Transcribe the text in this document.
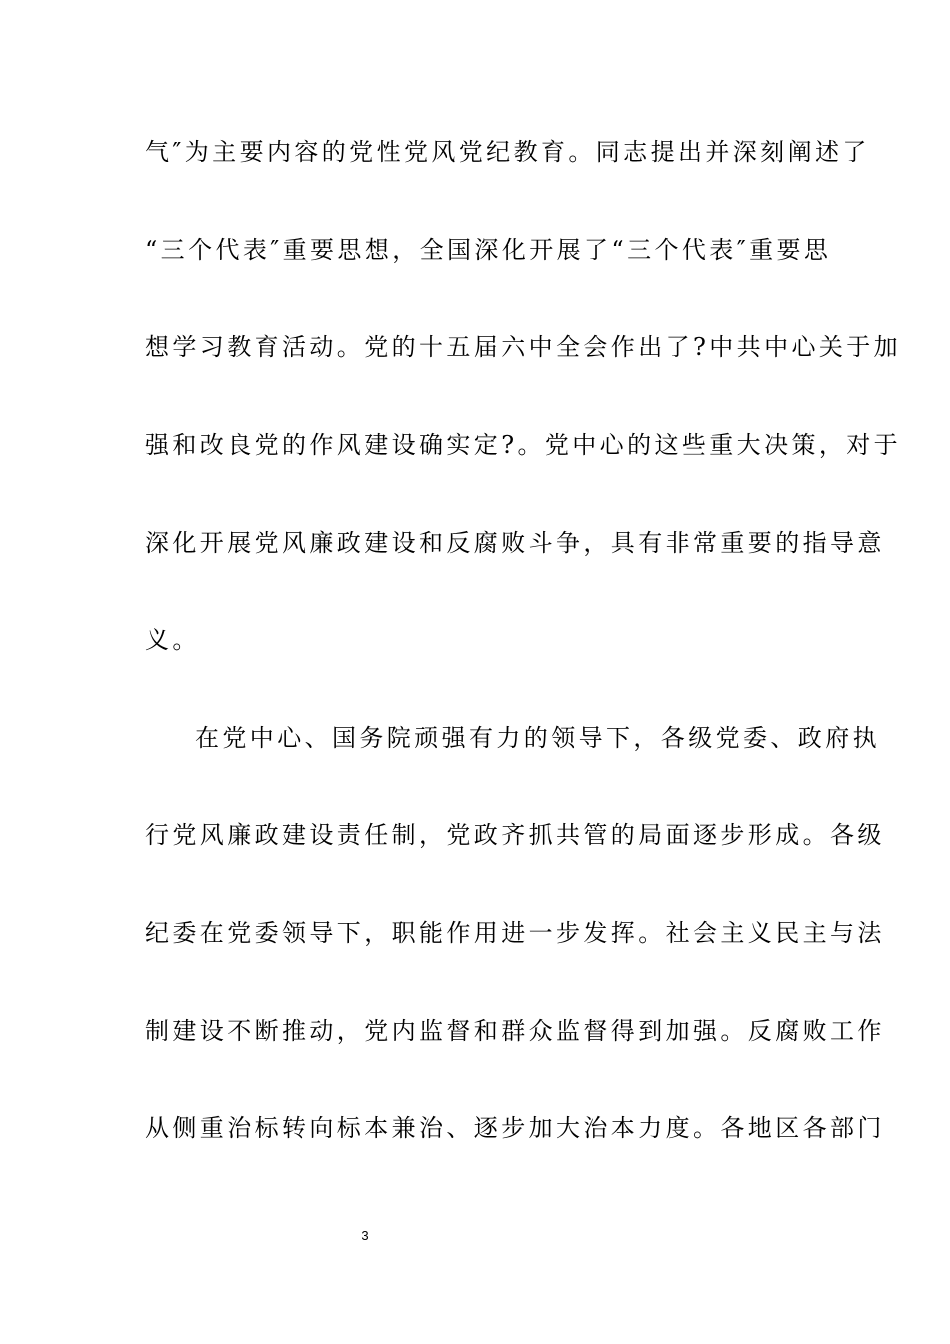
气″为主要内容的党性党风党纪教育。同志提出并深刻阐述了
“三个代表″重要思想，全国深化开展了“三个代表″重要思
想学习教育活动。党的十五届六中全会作出了?中共中心关于加
强和改良党的作风建设确实定?。党中心的这些重大决策，对于
深化开展党风廉政建设和反腐败斗争，具有非常重要的指导意
义。
在党中心、国务院顽强有力的领导下，各级党委、政府执
行党风廉政建设责任制，党政齐抓共管的局面逐步形成。各级
纪委在党委领导下，职能作用进一步发挥。社会主义民主与法
制建设不断推动，党内监督和群众监督得到加强。反腐败工作
从侧重治标转向标本兼治、逐步加大治本力度。各地区各部门
3
